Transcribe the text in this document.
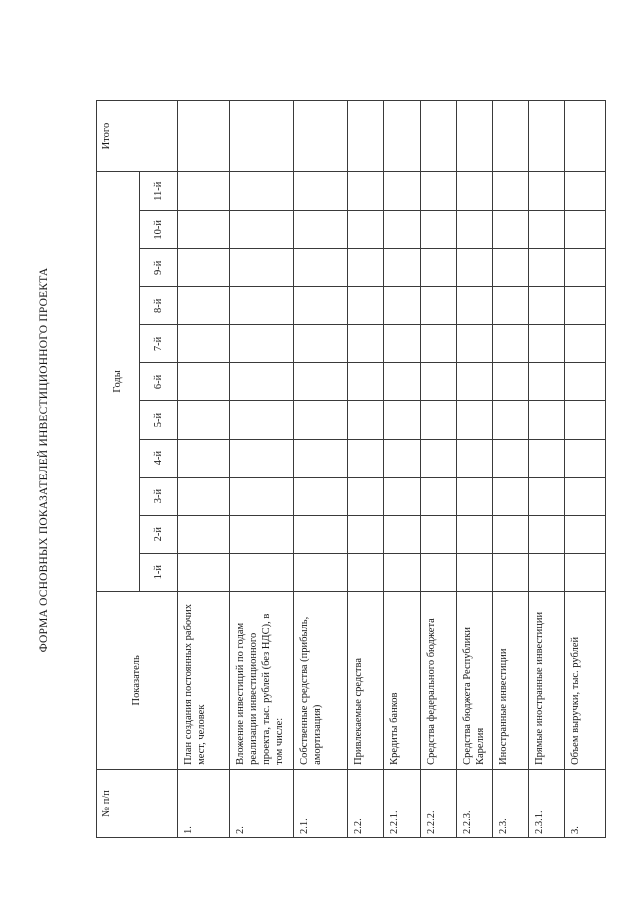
ФОРМА ОСНОВНЫХ ПОКАЗАТЕЛЕЙ ИНВЕСТИЦИОННОГО ПРОЕКТА
№ п/п	Показатель	Годы											Итого
		1-й	2-й	3-й	4-й	5-й	6-й	7-й	8-й	9-й	10-й	11-й	
1.	План создания постоянных рабочих мест, человек												
2.	Вложение инвестиций по годам реализации инвестиционного проекта, тыс. рублей (без НДС), в том числе:												
2.1.	Собственные средства (прибыль, амортизация)												
2.2.	Привлекаемые средства												
2.2.1.	Кредиты банков												
2.2.2.	Средства федерального бюджета												
2.2.3.	Средства бюджета Республики Карелия												
2.3.	Иностранные инвестиции												
2.3.1.	Прямые иностранные инвестиции												
3.	Объем выручки, тыс. рублей												
